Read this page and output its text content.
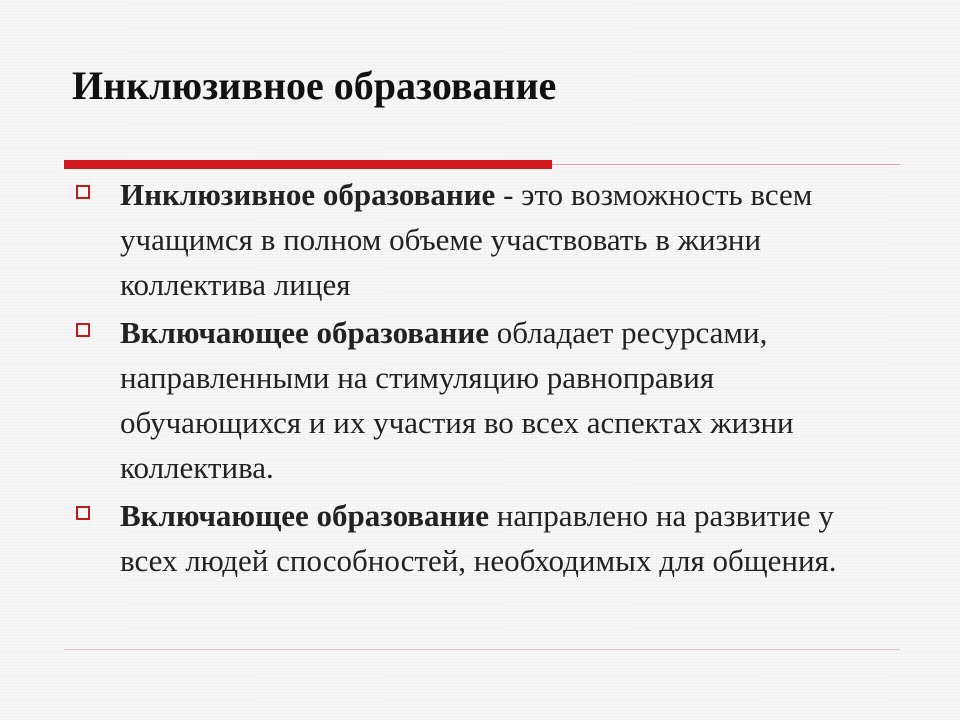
Инклюзивное образование
Инклюзивное образование - это возможность всем учащимся в полном объеме участвовать в жизни коллектива лицея
Включающее образование обладает ресурсами, направленными на стимуляцию равноправия обучающихся и их участия во всех аспектах жизни коллектива.
Включающее образование направлено на развитие у всех людей способностей, необходимых для общения.
